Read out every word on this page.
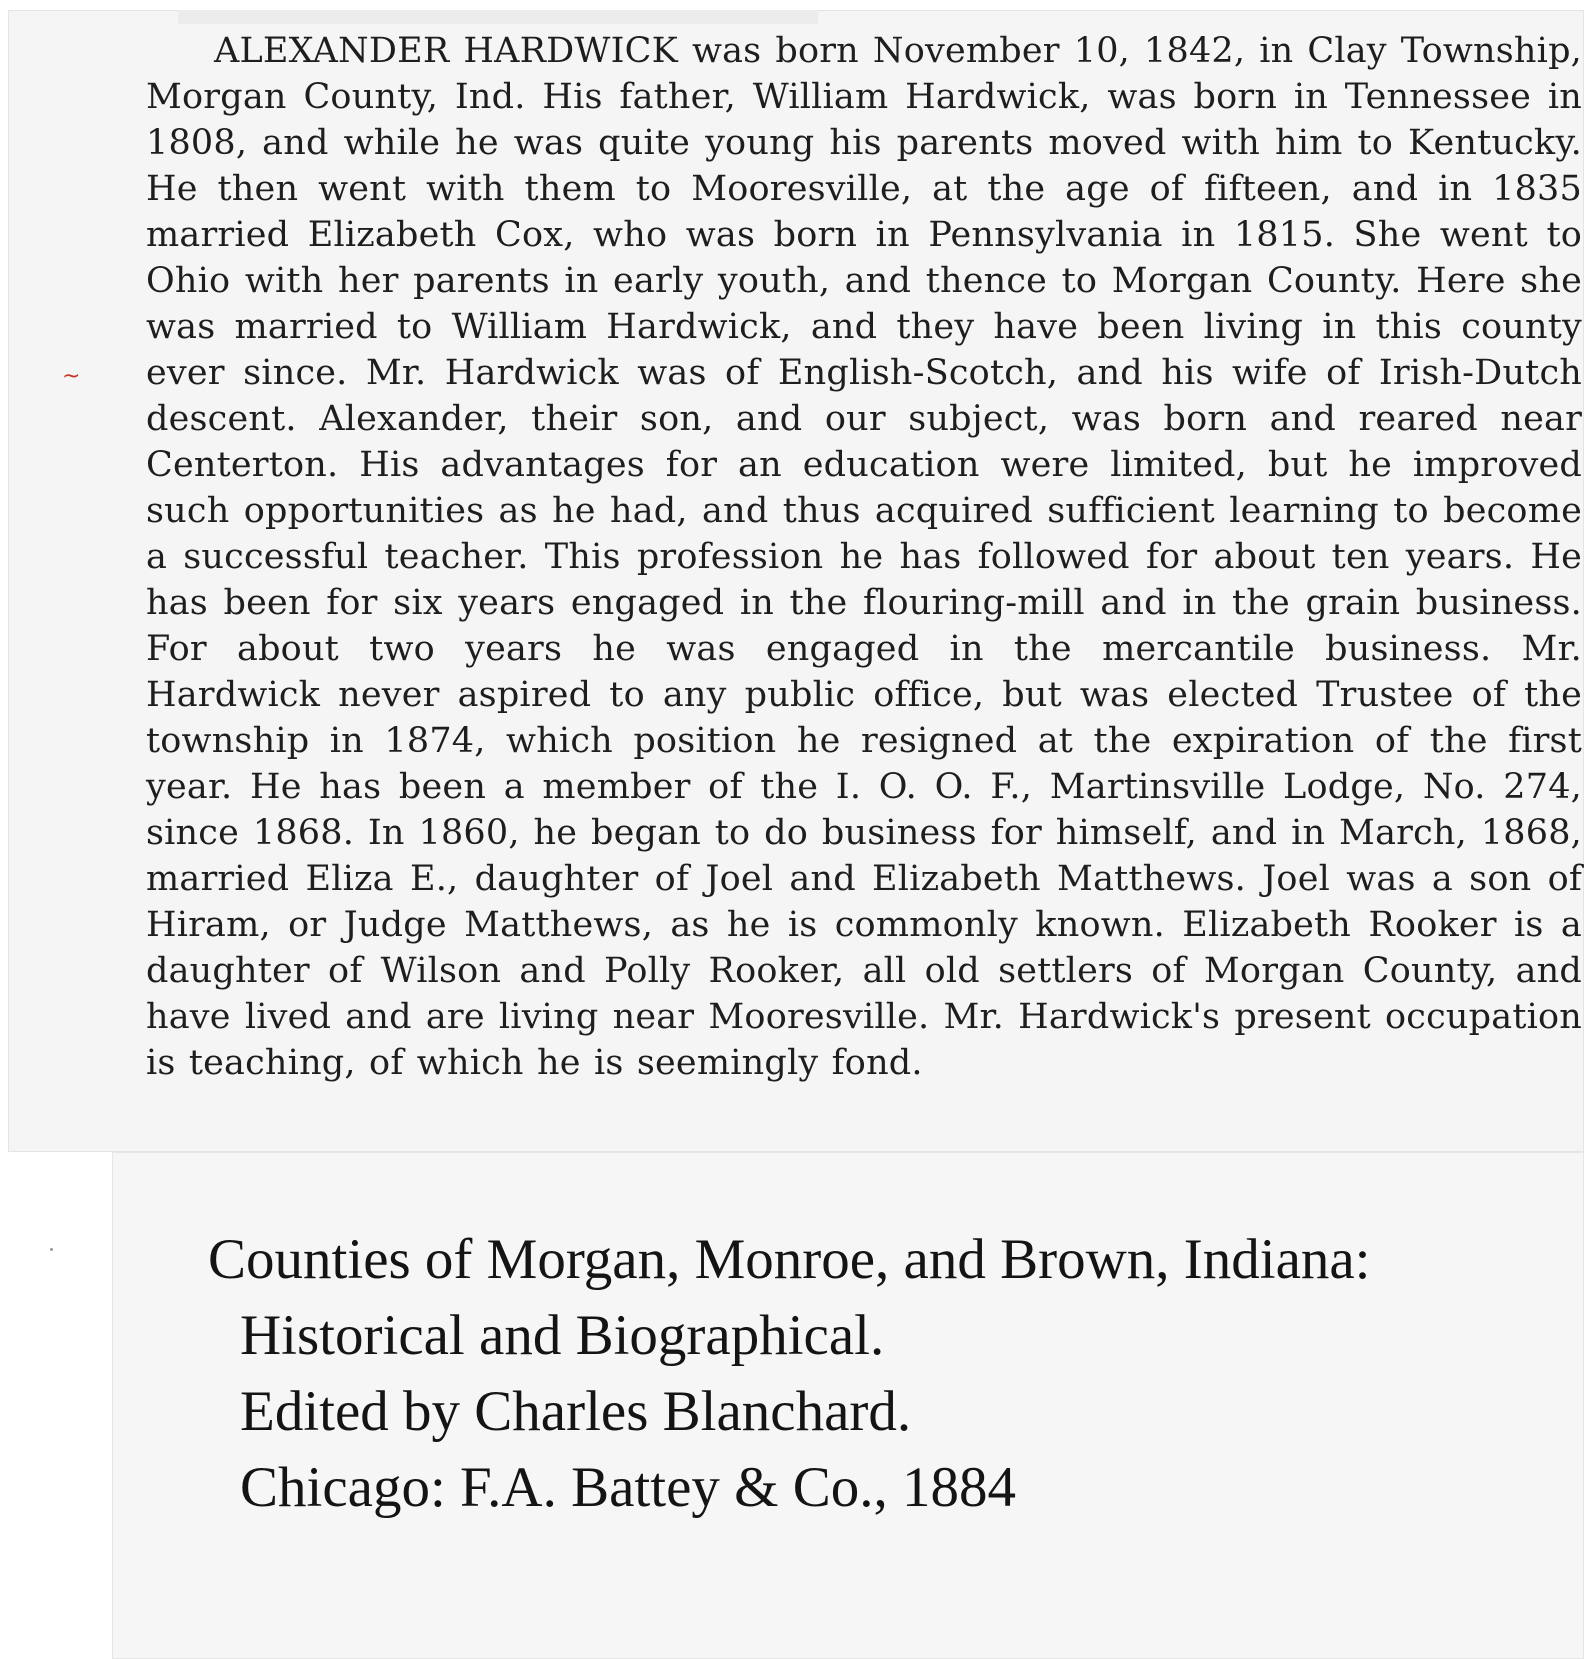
ALEXANDER HARDWICK was born November 10, 1842, in Clay Township, Morgan County, Ind. His father, William Hardwick, was born in Tennessee in 1808, and while he was quite young his parents moved with him to Kentucky. He then went with them to Mooresville, at the age of fifteen, and in 1835 married Elizabeth Cox, who was born in Pennsylvania in 1815. She went to Ohio with her parents in early youth, and thence to Morgan County. Here she was married to William Hardwick, and they have been living in this county ever since. Mr. Hardwick was of English-Scotch, and his wife of Irish-Dutch descent. Alexander, their son, and our subject, was born and reared near Centerton. His advantages for an education were limited, but he improved such opportunities as he had, and thus acquired sufficient learning to become a successful teacher. This profession he has followed for about ten years. He has been for six years engaged in the flouring-mill and in the grain business. For about two years he was engaged in the mercantile business. Mr. Hardwick never aspired to any public office, but was elected Trustee of the township in 1874, which position he resigned at the expiration of the first year. He has been a member of the I. O. O. F., Martinsville Lodge, No. 274, since 1868. In 1860, he began to do business for himself, and in March, 1868, married Eliza E., daughter of Joel and Elizabeth Matthews. Joel was a son of Hiram, or Judge Matthews, as he is commonly known. Elizabeth Rooker is a daughter of Wilson and Polly Rooker, all old settlers of Morgan County, and have lived and are living near Mooresville. Mr. Hardwick's present occupation is teaching, of which he is seemingly fond.

~

Counties of Morgan, Monroe, and Brown, Indiana:
Historical and Biographical.
Edited by Charles Blanchard.
Chicago: F.A. Battey & Co., 1884
